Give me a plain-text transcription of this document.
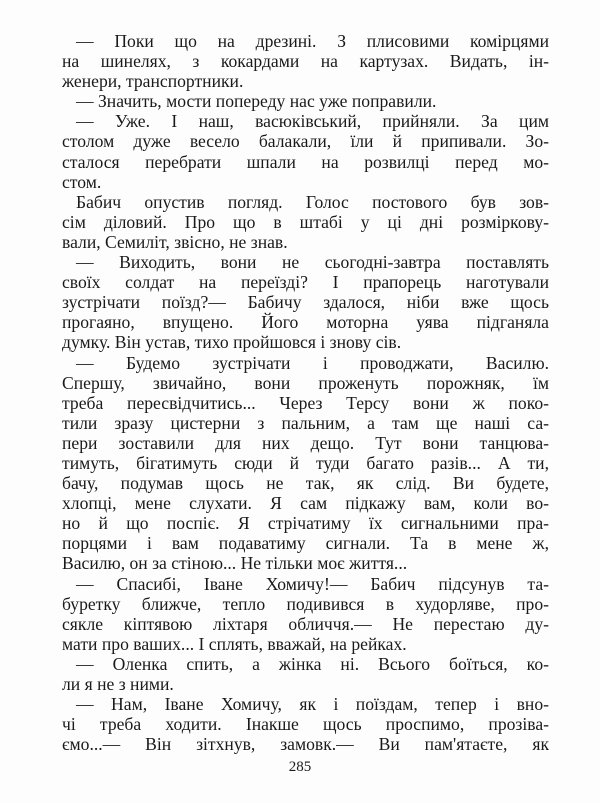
— Поки що на дрезині. З плисовими комірцями
на шинелях, з кокардами на картузах. Видать, ін-
женери, транспортники.
— Значить, мости попереду нас уже поправили.
— Уже. І наш, васюківський, прийняли. За цим
столом дуже весело балакали, їли й припивали. Зо-
сталося перебрати шпали на розвилці перед мо-
стом.
Бабич опустив погляд. Голос постового був зов-
сім діловий. Про що в штабі у ці дні розміркову-
вали, Семиліт, звісно, не знав.
— Виходить, вони не сьогодні-завтра поставлять
своїх солдат на переїзді? І прапорець наготували
зустрічати поїзд?— Бабичу здалося, ніби вже щось
прогаяно, впущено. Його моторна уява підганяла
думку. Він устав, тихо пройшовся і знову сів.
— Будемо зустрічати і проводжати, Василю.
Спершу, звичайно, вони проженуть порожняк, їм
треба пересвідчитись... Через Терсу вони ж поко-
тили зразу цистерни з пальним, а там ще наші са-
пери зоставили для них дещо. Тут вони танцюва-
тимуть, бігатимуть сюди й туди багато разів... А ти,
бачу, подумав щось не так, як слід. Ви будете,
хлопці, мене слухати. Я сам підкажу вам, коли во-
но й що поспіє. Я стрічатиму їх сигнальними пра-
порцями і вам подаватиму сигнали. Та в мене ж,
Василю, он за стіною... Не тільки моє життя...
— Спасибі, Іване Хомичу!— Бабич підсунув та-
буретку ближче, тепло подивився в худорляве, про-
сякле кіптявою ліхтаря обличчя.— Не перестаю ду-
мати про ваших... І сплять, вважай, на рейках.
— Оленка спить, а жінка ні. Всього боїться, ко-
ли я не з ними.
— Нам, Іване Хомичу, як і поїздам, тепер і вно-
чі треба ходити. Інакше щось проспимо, прозіва-
ємо...— Він зітхнув, замовк.— Ви пам'ятаєте, як
285
